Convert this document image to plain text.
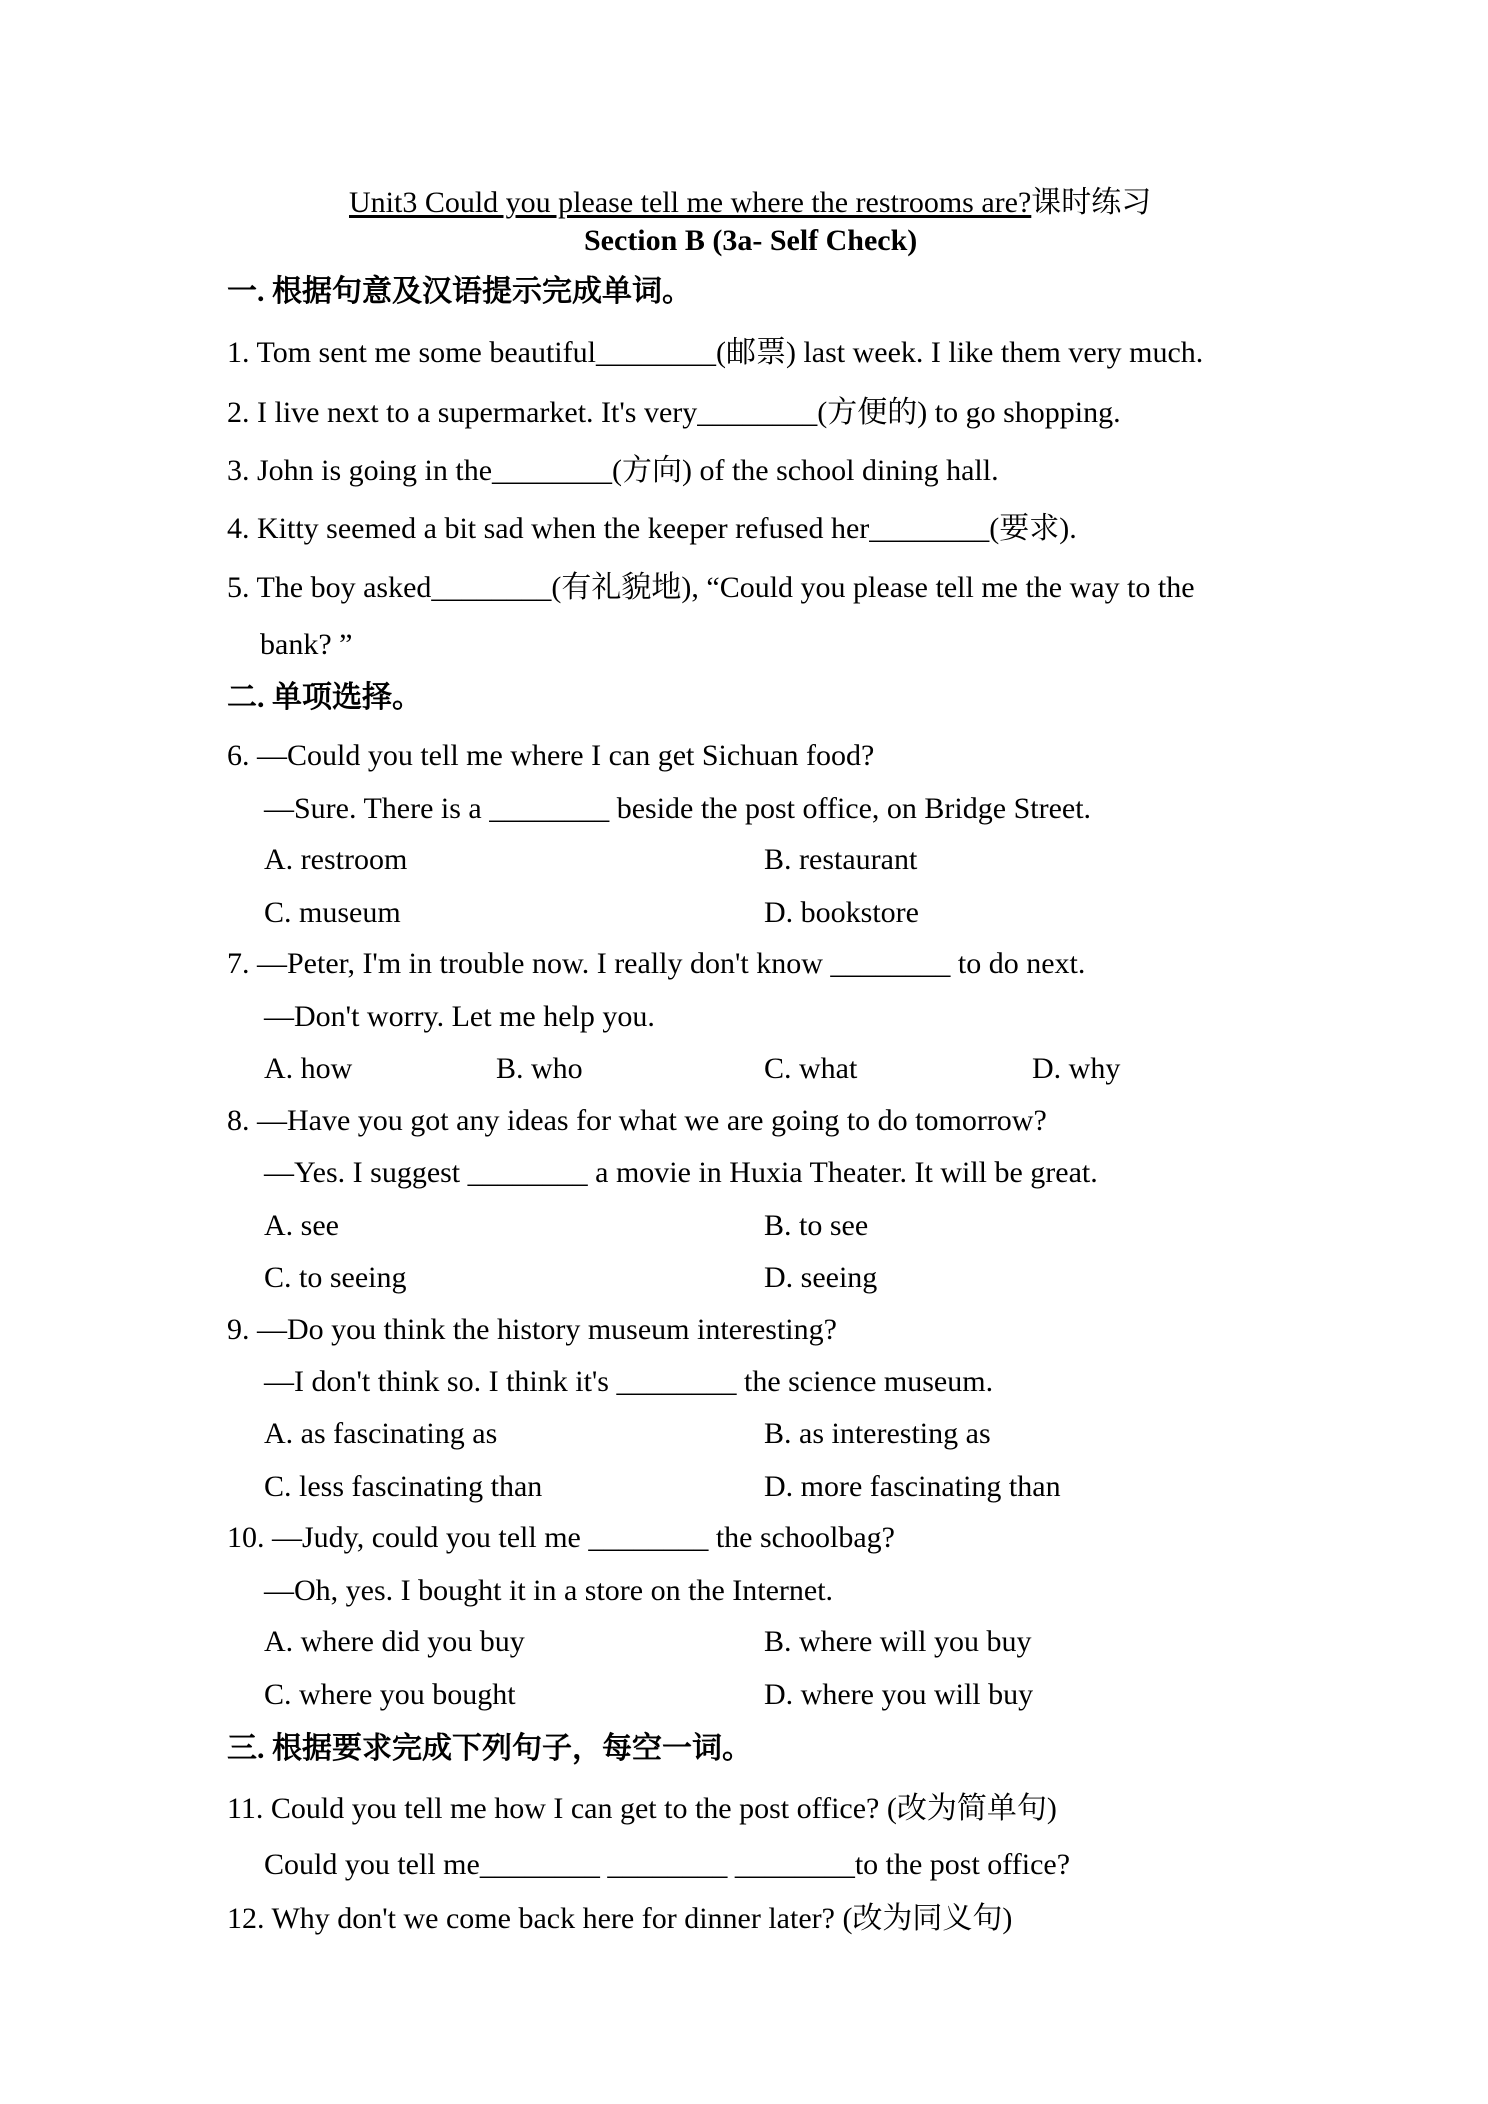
Unit3 Could you please tell me where the restrooms are?课时练习
Section B (3a- Self Check)
一. 根据句意及汉语提示完成单词。
1. Tom sent me some beautiful________(邮票) last week. I like them very much.
2. I live next to a supermarket. It's very________(方便的) to go shopping.
3. John is going in the________(方向) of the school dining hall.
4. Kitty seemed a bit sad when the keeper refused her________(要求).
5. The boy asked________(有礼貌地), “Could you please tell me the way to the
bank? ”
二. 单项选择。
6. —Could you tell me where I can get Sichuan food?
—Sure. There is a ________ beside the post office, on Bridge Street.
A. restroom	B. restaurant
C. museum	D. bookstore
7. —Peter, I'm in trouble now. I really don't know ________ to do next.
—Don't worry. Let me help you.
A. how	B. who	C. what	D. why
8. —Have you got any ideas for what we are going to do tomorrow?
—Yes. I suggest ________ a movie in Huxia Theater. It will be great.
A. see	B. to see
C. to seeing	D. seeing
9. —Do you think the history museum interesting?
—I don't think so. I think it's ________ the science museum.
A. as fascinating as	B. as interesting as
C. less fascinating than	D. more fascinating than
10. —Judy, could you tell me ________ the schoolbag?
—Oh, yes. I bought it in a store on the Internet.
A. where did you buy	B. where will you buy
C. where you bought	D. where you will buy
三. 根据要求完成下列句子，每空一词。
11. Could you tell me how I can get to the post office? (改为简单句)
Could you tell me________ ________ ________to the post office?
12. Why don't we come back here for dinner later? (改为同义句)
